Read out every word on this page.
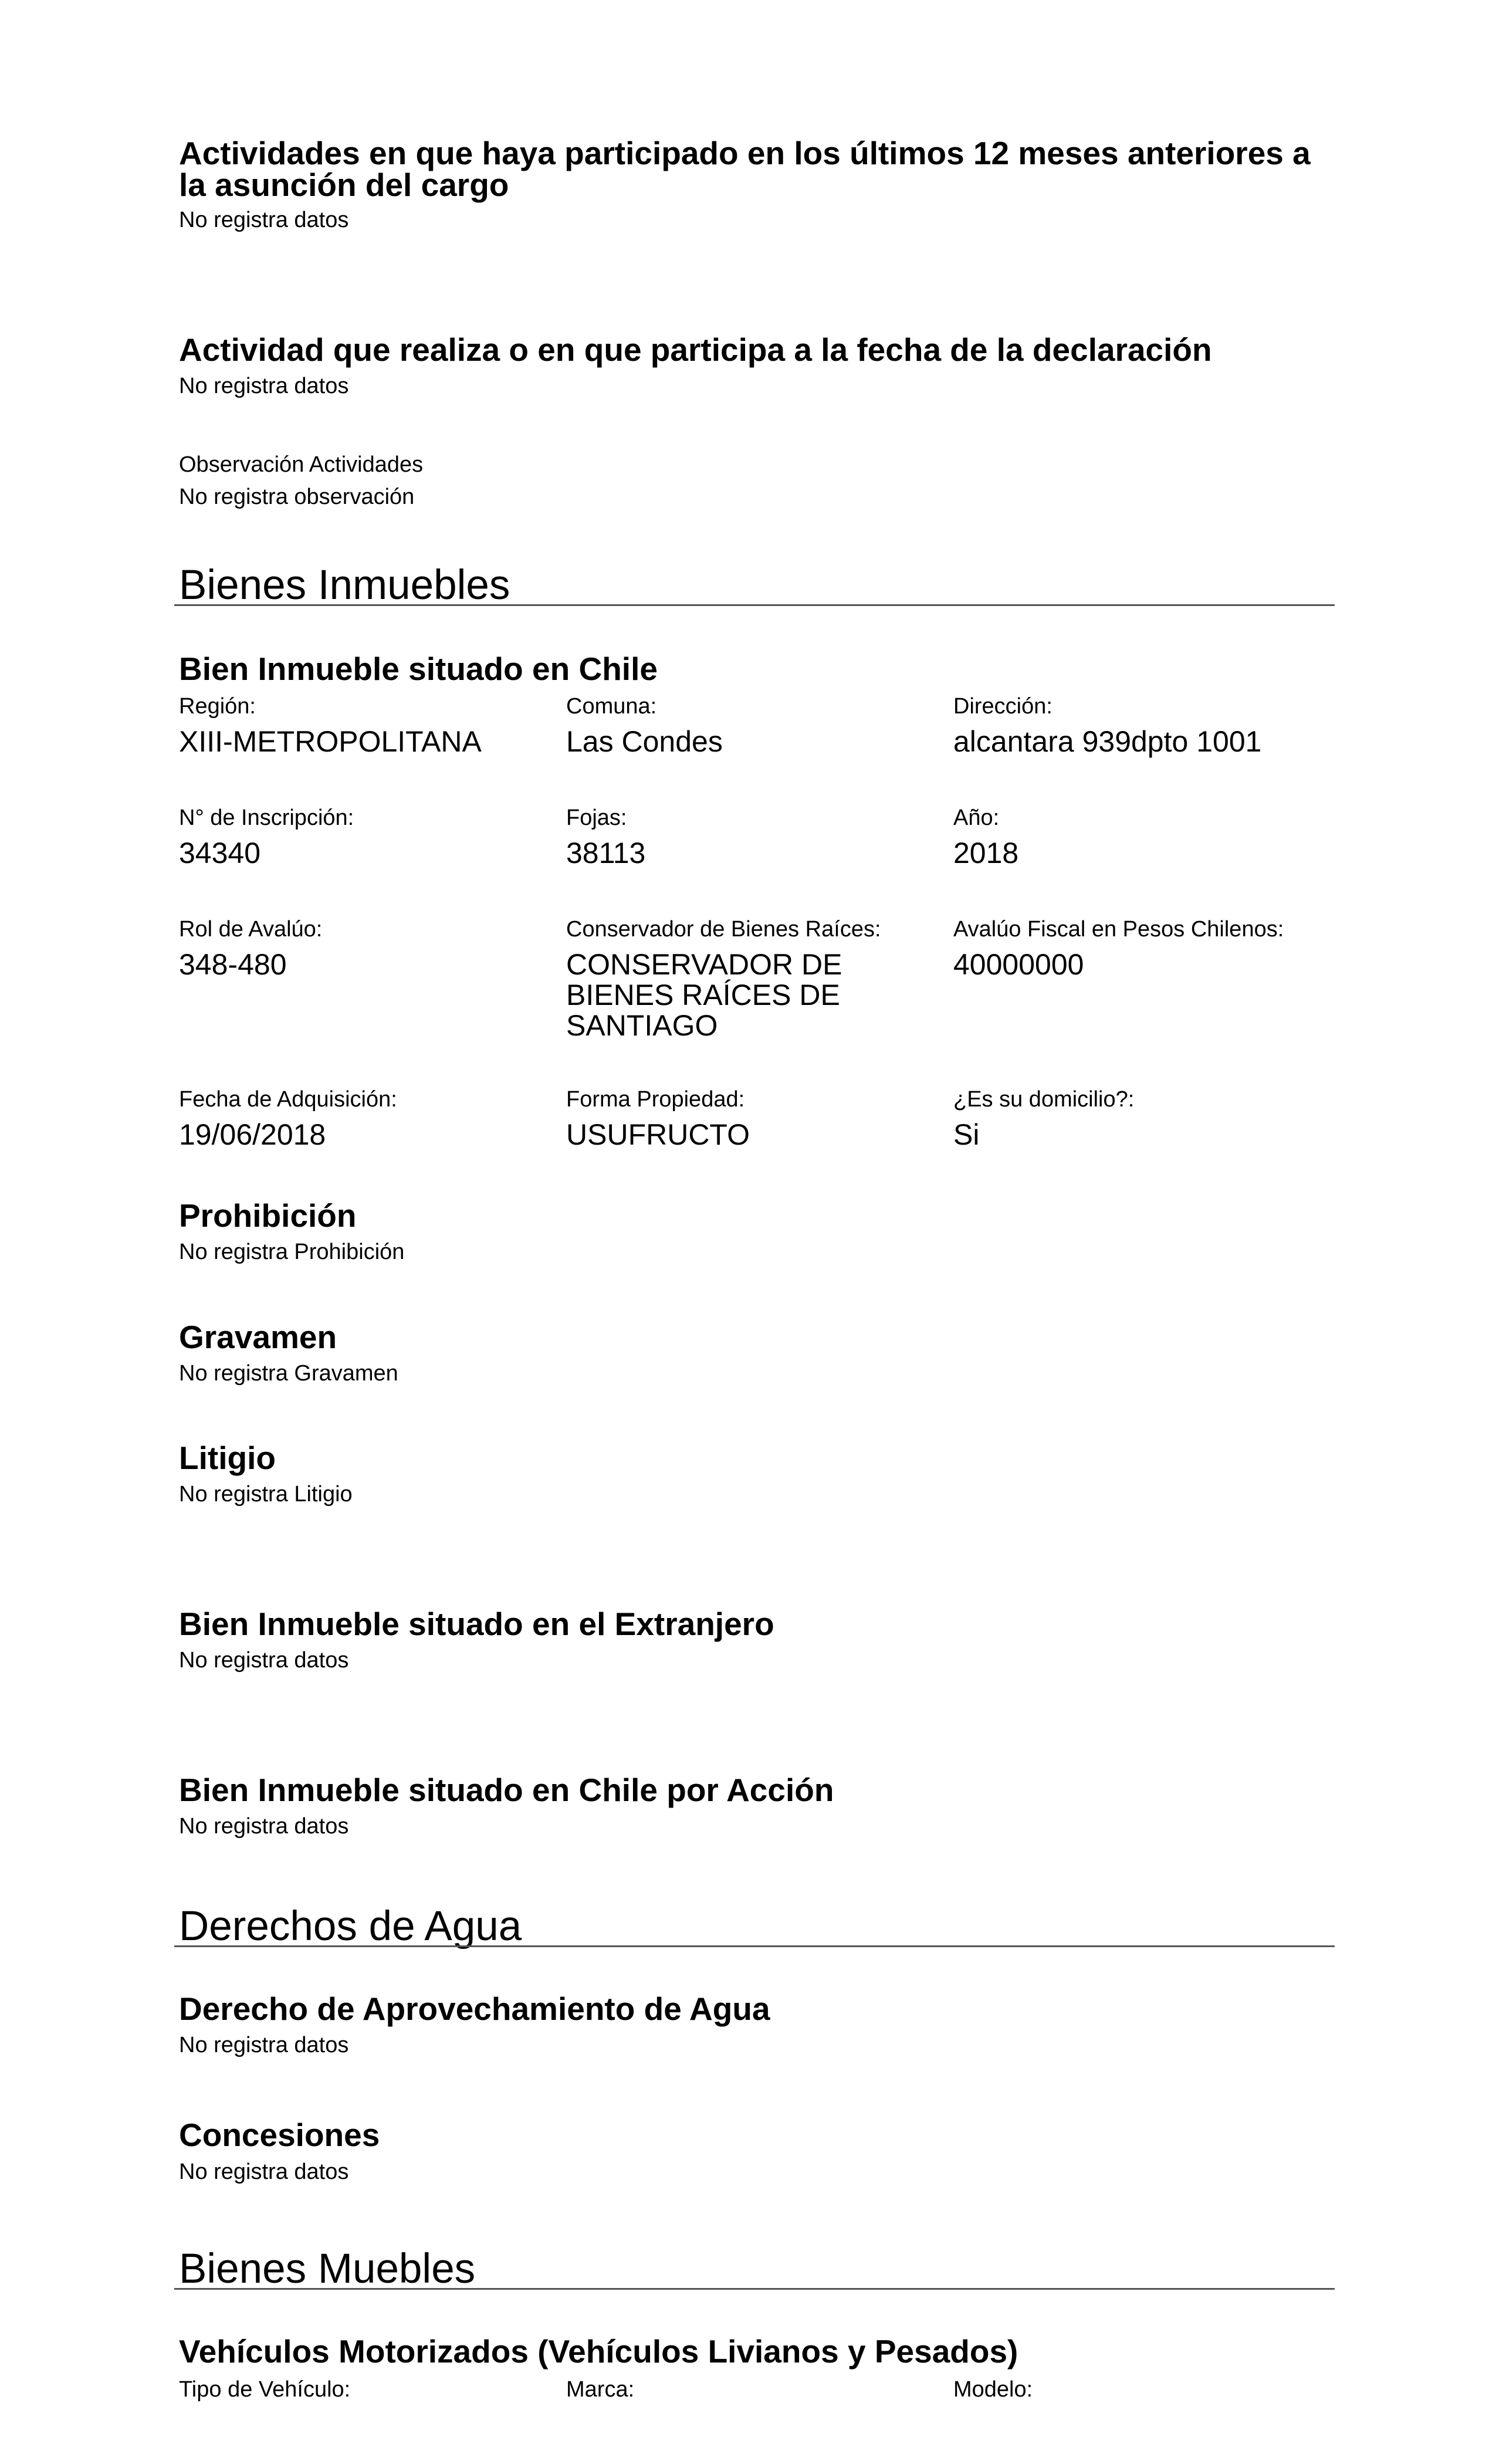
Actividades en que haya participado en los últimos 12 meses anteriores a la asunción del cargo
No registra datos
Actividad que realiza o en que participa a la fecha de la declaración
No registra datos
Observación Actividades
No registra observación
Bienes Inmuebles
Bien Inmueble situado en Chile
Región:
XIII-METROPOLITANA
Comuna:
Las Condes
Dirección:
alcantara 939dpto 1001
N° de Inscripción:
34340
Fojas:
38113
Año:
2018
Rol de Avalúo:
348-480
Conservador de Bienes Raíces:
CONSERVADOR DE BIENES RAÍCES DE SANTIAGO
Avalúo Fiscal en Pesos Chilenos:
40000000
Fecha de Adquisición:
19/06/2018
Forma Propiedad:
USUFRUCTO
¿Es su domicilio?:
Si
Prohibición
No registra Prohibición
Gravamen
No registra Gravamen
Litigio
No registra Litigio
Bien Inmueble situado en el Extranjero
No registra datos
Bien Inmueble situado en Chile por Acción
No registra datos
Derechos de Agua
Derecho de Aprovechamiento de Agua
No registra datos
Concesiones
No registra datos
Bienes Muebles
Vehículos Motorizados (Vehículos Livianos y Pesados)
Tipo de Vehículo:	Marca:	Modelo:
